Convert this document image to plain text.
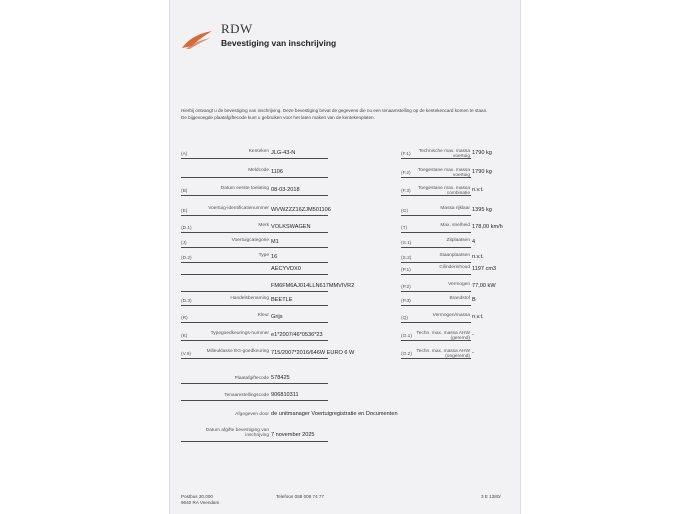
RDW
Bevestiging van inschrijving
Hierbij ontvangt u de bevestiging van inschrijving. Deze bevestiging bevat de gegevens die nu een tenaamstelling op de kentekencard komen te staan.
De bijgevoegde plaatafgiftecode kunt u gebruiken voor het laten maken van de kentekenplaten.
(A)
Kenteken JLG-43-N
Meldcode 1106
(B)
Datum eerste toelating 08-03-2018
(E)
Voertuig-identificatienummer WVWZZZ16ZJM501106
(D.1)
Merk VOLKSWAGEN
(J)
Voertuigcategorie M1
(D.2)
Type 16
AECYVDX0
FM6FM6AJ014LLN617MMVIVR2
(D.3)
Handelsbenaming BEETLE
(R)
Kleur Grijs
(K)
Typegoedkeurings-nummer e1*2007/46*0536*23
(V.9)
Milieuklasse EG-goedkeuring 715/2007*2016/646W EURO 6 W
(F.1)
Technische max. massa voertuig
1790 kg
(F.2)
Toegestane max. massa voertuig
1790 kg
(F.3)
Toegestane max. massa combinatie
n.v.t.
(G)
Massa rijklaar 1395 kg
(T)
Max. snelheid 178,00 km/h
(S.1)
Zitplaatsen 4
(S.2)
Staanplaatsen n.v.t.
(P.1)
Cilinderinhoud 1197 cm3
(P.2)
Vermogen 77,00 kW
(P.3)
Brandstof B
(Q)
Vermogen/massa n.v.t.
(O.1)
Techn. max. massa AHW (geremd)
-
(O.2)
Techn. max. massa AHW (ongeremd)
-
Plaatafgiftecode 578425
Tenaamstellingscode 906810311
Afgegeven door de unitmanager Voertuigregistratie en Documenten
Datum afgifte bevestiging van inschrijving 7 november 2025
Postbus 30.000
9640 RA Veendam
Telefoon 088 008 74 77	3 E 1380/
